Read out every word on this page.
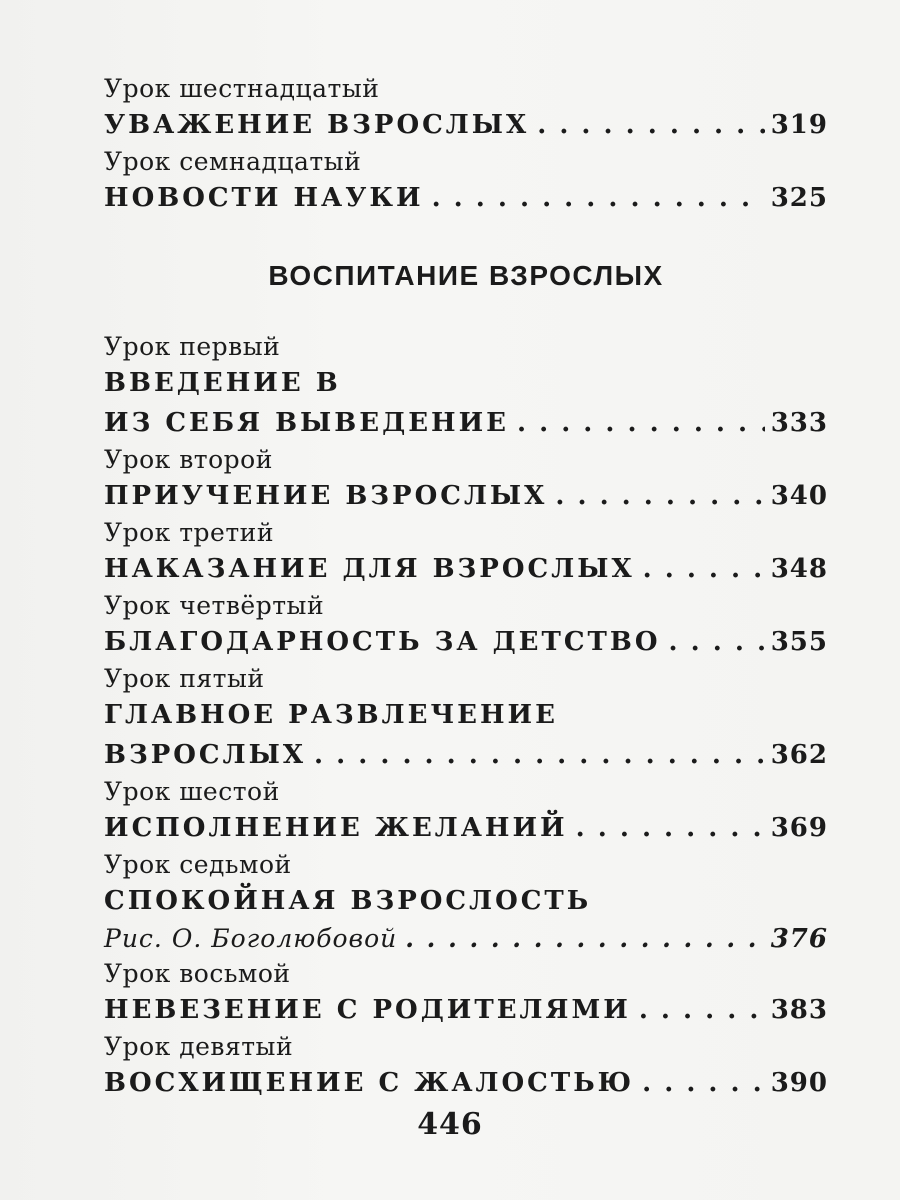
Урок шестнадцатый
УВАЖЕНИЕ ВЗРОСЛЫХ . . .	319
Урок семнадцатый
НОВОСТИ НАУКИ . . .	325
ВОСПИТАНИЕ ВЗРОСЛЫХ
Урок первый
ВВЕДЕНИЕ В
ИЗ СЕБЯ ВЫВЕДЕНИЕ . . .	333
Урок второй
ПРИУЧЕНИЕ ВЗРОСЛЫХ . . .	340
Урок третий
НАКАЗАНИЕ ДЛЯ ВЗРОСЛЫХ . . .	348
Урок четвёртый
БЛАГОДАРНОСТЬ ЗА ДЕТСТВО . . .	355
Урок пятый
ГЛАВНОЕ РАЗВЛЕЧЕНИЕ
ВЗРОСЛЫХ . . .	362
Урок шестой
ИСПОЛНЕНИЕ ЖЕЛАНИЙ . . .	369
Урок седьмой
СПОКОЙНАЯ ВЗРОСЛОСТЬ
Рис. О. Боголюбовой . . .	376
Урок восьмой
НЕВЕЗЕНИЕ С РОДИТЕЛЯМИ . . .	383
Урок девятый
ВОСХИЩЕНИЕ С ЖАЛОСТЬЮ . . .	390
446
